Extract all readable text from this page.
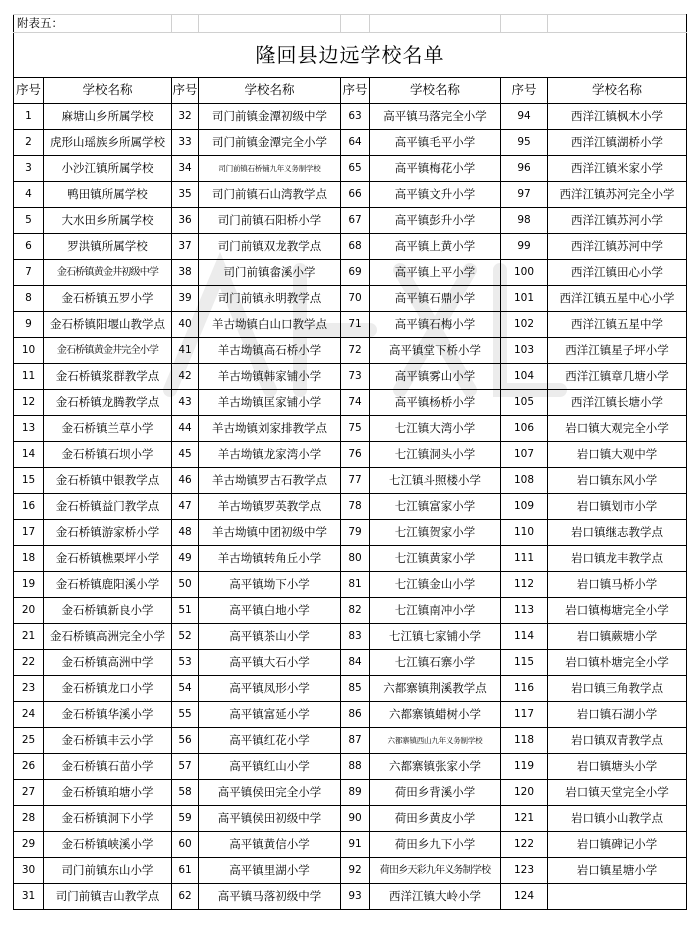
附表五：							
隆回县边远学校名单							
序号	学校名称	序号	学校名称	序号	学校名称	序号	学校名称
1	麻塘山乡所属学校	32	司门前镇金潭初级中学	63	高平镇马落完全小学	94	西洋江镇枫木小学
2	虎形山瑶族乡所属学校	33	司门前镇金潭完全小学	64	高平镇毛平小学	95	西洋江镇湖桥小学
3	小沙江镇所属学校	34	司门前镇石桥铺九年义务制学校	65	高平镇梅花小学	96	西洋江镇米家小学
4	鸭田镇所属学校	35	司门前镇石山湾教学点	66	高平镇文升小学	97	西洋江镇苏河完全小学
5	大水田乡所属学校	36	司门前镇石阳桥小学	67	高平镇彭升小学	98	西洋江镇苏河小学
6	罗洪镇所属学校	37	司门前镇双龙教学点	68	高平镇上黄小学	99	西洋江镇苏河中学
7	金石桥镇黄金井初级中学	38	司门前镇畲溪小学	69	高平镇上平小学	100	西洋江镇田心小学
8	金石桥镇五罗小学	39	司门前镇永明教学点	70	高平镇石鼎小学	101	西洋江镇五星中心小学
9	金石桥镇阳堰山教学点	40	羊古坳镇白山口教学点	71	高平镇石梅小学	102	西洋江镇五星中学
10	金石桥镇黄金井完全小学	41	羊古坳镇高石桥小学	72	高平镇堂下桥小学	103	西洋江镇星子坪小学
11	金石桥镇浆群教学点	42	羊古坳镇韩家铺小学	73	高平镇雾山小学	104	西洋江镇章几塘小学
12	金石桥镇龙腾教学点	43	羊古坳镇匡家铺小学	74	高平镇杨桥小学	105	西洋江镇长塘小学
13	金石桥镇兰草小学	44	羊古坳镇刘家排教学点	75	七江镇大湾小学	106	岩口镇大观完全小学
14	金石桥镇石坝小学	45	羊古坳镇龙家湾小学	76	七江镇洞头小学	107	岩口镇大观中学
15	金石桥镇中银教学点	46	羊古坳镇罗古石教学点	77	七江镇斗照楼小学	108	岩口镇东风小学
16	金石桥镇益门教学点	47	羊古坳镇罗英教学点	78	七江镇富家小学	109	岩口镇划市小学
17	金石桥镇游家桥小学	48	羊古坳镇中团初级中学	79	七江镇贺家小学	110	岩口镇继志教学点
18	金石桥镇樵栗坪小学	49	羊古坳镇转角丘小学	80	七江镇黄家小学	111	岩口镇龙丰教学点
19	金石桥镇鹿阳溪小学	50	高平镇坳下小学	81	七江镇金山小学	112	岩口镇马桥小学
20	金石桥镇新良小学	51	高平镇白地小学	82	七江镇南冲小学	113	岩口镇梅塘完全小学
21	金石桥镇高洲完全小学	52	高平镇茶山小学	83	七江镇七家铺小学	114	岩口镇蕨塘小学
22	金石桥镇高洲中学	53	高平镇大石小学	84	七江镇石寨小学	115	岩口镇朴塘完全小学
23	金石桥镇龙口小学	54	高平镇凤形小学	85	六都寨镇荆溪教学点	116	岩口镇三角教学点
24	金石桥镇华溪小学	55	高平镇富延小学	86	六都寨镇蜡树小学	117	岩口镇石湖小学
25	金石桥镇丰云小学	56	高平镇红花小学	87	六都寨镇西山九年义务制学校	118	岩口镇双青教学点
26	金石桥镇石苗小学	57	高平镇红山小学	88	六都寨镇张家小学	119	岩口镇塘头小学
27	金石桥镇珀塘小学	58	高平镇侯田完全小学	89	荷田乡背溪小学	120	岩口镇天堂完全小学
28	金石桥镇洞下小学	59	高平镇侯田初级中学	90	荷田乡黄皮小学	121	岩口镇小山教学点
29	金石桥镇峡溪小学	60	高平镇黄信小学	91	荷田乡九下小学	122	岩口镇碑记小学
30	司门前镇东山小学	61	高平镇里湖小学	92	荷田乡天彩九年义务制学校	123	岩口镇星塘小学
31	司门前镇吉山教学点	62	高平镇马落初级中学	93	西洋江镇大岭小学	124	
